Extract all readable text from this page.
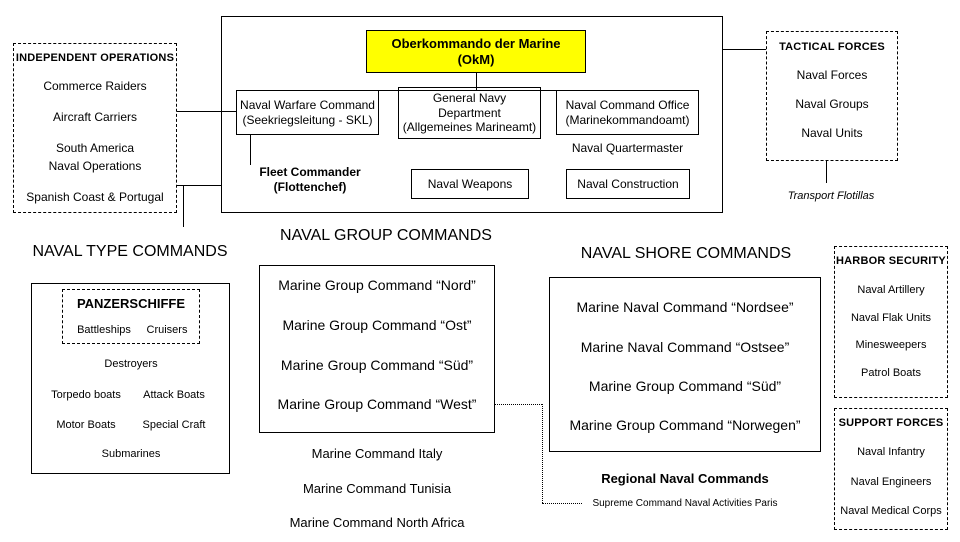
Oberkommando der Marine
(OkM)
Naval Warfare Command
(Seekriegsleitung - SKL)
General Navy
Department
(Allgemeines Marineamt)
Naval Command Office
(Marinekommandoamt)
Naval Quartermaster
Fleet Commander
(Flottenchef)	Naval Weapons	Naval Construction
INDEPENDENT OPERATIONS
Commerce Raiders
Aircraft Carriers
South America
Naval Operations
Spanish Coast & Portugal
TACTICAL FORCES
Naval Forces
Naval Groups
Naval Units
Transport Flotillas
NAVAL TYPE COMMANDS
NAVAL GROUP COMMANDS
NAVAL SHORE COMMANDS
PANZERSCHIFFE
Battleships	Cruisers
Destroyers
Torpedo boats	Attack Boats
Motor Boats	Special Craft
Submarines
Marine Group Command “Nord”
Marine Group Command “Ost”
Marine Group Command “Süd”
Marine Group Command “West”
Marine Command Italy
Marine Command Tunisia
Marine Command North Africa
Marine Naval Command “Nordsee”
Marine Naval Command “Ostsee”
Marine Group Command “Süd”
Marine Group Command “Norwegen”
Regional Naval Commands
Supreme Command Naval Activities Paris
HARBOR SECURITY
Naval Artillery
Naval Flak Units
Minesweepers
Patrol Boats
SUPPORT FORCES
Naval Infantry
Naval Engineers
Naval Medical Corps
